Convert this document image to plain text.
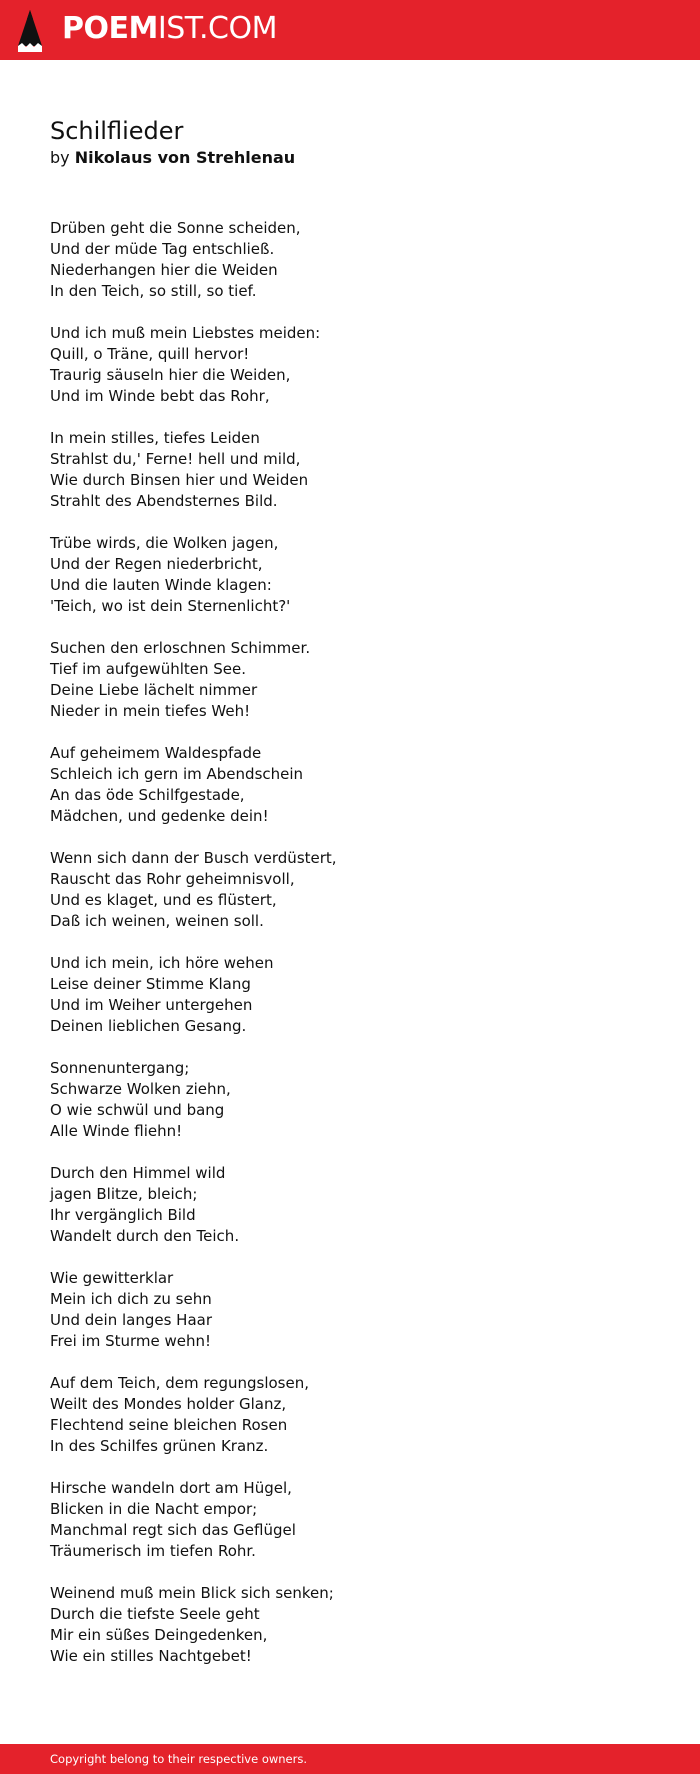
POEMIST.COM
Schilflieder
by Nikolaus von Strehlenau
Drüben geht die Sonne scheiden,
Und der müde Tag entschließ.
Niederhangen hier die Weiden
In den Teich, so still, so tief.
Und ich muß mein Liebstes meiden:
Quill, o Träne, quill hervor!
Traurig säuseln hier die Weiden,
Und im Winde bebt das Rohr,
In mein stilles, tiefes Leiden
Strahlst du,' Ferne! hell und mild,
Wie durch Binsen hier und Weiden
Strahlt des Abendsternes Bild.
Trübe wirds, die Wolken jagen,
Und der Regen niederbricht,
Und die lauten Winde klagen:
'Teich, wo ist dein Sternenlicht?'
Suchen den erloschnen Schimmer.
Tief im aufgewühlten See.
Deine Liebe lächelt nimmer
Nieder in mein tiefes Weh!
Auf geheimem Waldespfade
Schleich ich gern im Abendschein
An das öde Schilfgestade,
Mädchen, und gedenke dein!
Wenn sich dann der Busch verdüstert,
Rauscht das Rohr geheimnisvoll,
Und es klaget, und es flüstert,
Daß ich weinen, weinen soll.
Und ich mein, ich höre wehen
Leise deiner Stimme Klang
Und im Weiher untergehen
Deinen lieblichen Gesang.
Sonnenuntergang;
Schwarze Wolken ziehn,
O wie schwül und bang
Alle Winde fliehn!
Durch den Himmel wild
jagen Blitze, bleich;
Ihr vergänglich Bild
Wandelt durch den Teich.
Wie gewitterklar
Mein ich dich zu sehn
Und dein langes Haar
Frei im Sturme wehn!
Auf dem Teich, dem regungslosen,
Weilt des Mondes holder Glanz,
Flechtend seine bleichen Rosen
In des Schilfes grünen Kranz.
Hirsche wandeln dort am Hügel,
Blicken in die Nacht empor;
Manchmal regt sich das Geflügel
Träumerisch im tiefen Rohr.
Weinend muß mein Blick sich senken;
Durch die tiefste Seele geht
Mir ein süßes Deingedenken,
Wie ein stilles Nachtgebet!
Copyright belong to their respective owners.
